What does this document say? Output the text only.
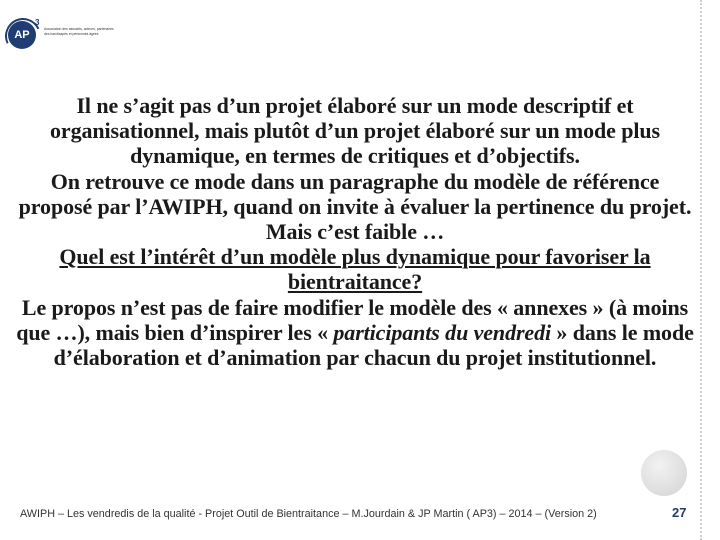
AP
3
Association des associés, acteurs, partenaires des handicapés et personnes âgées
Il ne s’agit pas d’un projet élaboré sur un mode descriptif et organisationnel, mais plutôt d’un projet élaboré sur un mode plus dynamique, en termes de critiques et d’objectifs.
On retrouve ce mode dans un paragraphe du modèle de référence proposé par l’AWIPH, quand on invite à évaluer la pertinence du projet. Mais c’est faible …
Quel est l’intérêt d’un modèle plus dynamique pour favoriser la bientraitance?
Le propos n’est pas de faire modifier le modèle des « annexes » (à moins que …), mais bien d’inspirer les « participants du vendredi » dans le mode d’élaboration et d’animation par chacun du projet institutionnel.
AWIPH – Les vendredis de la qualité - Projet Outil de Bientraitance – M.Jourdain & JP Martin ( AP3) – 2014 – (Version 2)	27
